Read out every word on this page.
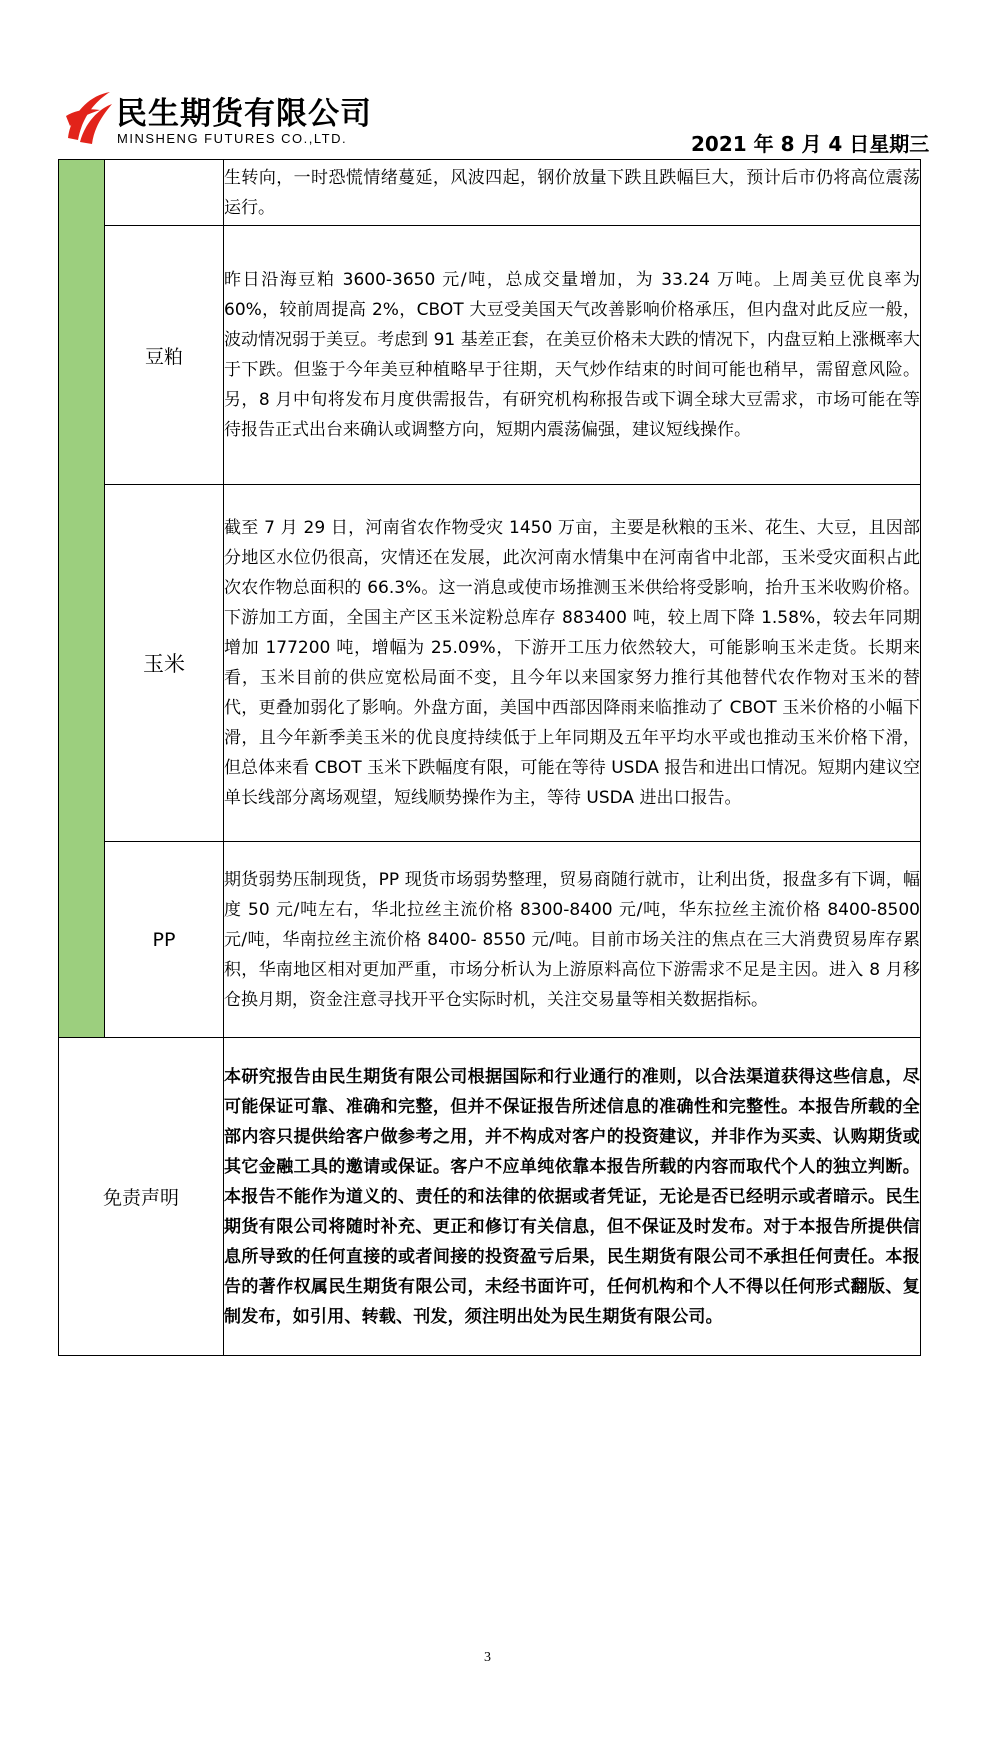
民生期货有限公司
MINSHENG FUTURES CO.,LTD.	2021 年 8 月 4 日星期三
		生转向，一时恐慌情绪蔓延，风波四起，钢价放量下跌且跌幅巨大，预计后市仍将高位震荡运行。
	豆粕	昨日沿海豆粕 3600-3650 元/吨，总成交量增加，为 33.24 万吨。上周美豆优良率为 60%，较前周提高 2%，CBOT 大豆受美国天气改善影响价格承压，但内盘对此反应一般，波动情况弱于美豆。考虑到 91 基差正套，在美豆价格未大跌的情况下，内盘豆粕上涨概率大于下跌。但鉴于今年美豆种植略早于往期，天气炒作结束的时间可能也稍早，需留意风险。另，8 月中旬将发布月度供需报告，有研究机构称报告或下调全球大豆需求，市场可能在等待报告正式出台来确认或调整方向，短期内震荡偏强，建议短线操作。
	玉米	截至 7 月 29 日，河南省农作物受灾 1450 万亩，主要是秋粮的玉米、花生、大豆，且因部分地区水位仍很高，灾情还在发展，此次河南水情集中在河南省中北部，玉米受灾面积占此次农作物总面积的 66.3%。这一消息或使市场推测玉米供给将受影响，抬升玉米收购价格。下游加工方面，全国主产区玉米淀粉总库存 883400 吨，较上周下降 1.58%，较去年同期增加 177200 吨，增幅为 25.09%，下游开工压力依然较大，可能影响玉米走货。长期来看，玉米目前的供应宽松局面不变，且今年以来国家努力推行其他替代农作物对玉米的替代，更叠加弱化了影响。外盘方面，美国中西部因降雨来临推动了 CBOT 玉米价格的小幅下滑，且今年新季美玉米的优良度持续低于上年同期及五年平均水平或也推动玉米价格下滑，但总体来看 CBOT 玉米下跌幅度有限，可能在等待 USDA 报告和进出口情况。短期内建议空单长线部分离场观望，短线顺势操作为主，等待 USDA 进出口报告。
	PP	期货弱势压制现货，PP 现货市场弱势整理，贸易商随行就市，让利出货，报盘多有下调，幅度 50 元/吨左右，华北拉丝主流价格 8300-8400 元/吨，华东拉丝主流价格 8400-8500 元/吨，华南拉丝主流价格 8400- 8550 元/吨。目前市场关注的焦点在三大消费贸易库存累积，华南地区相对更加严重，市场分析认为上游原料高位下游需求不足是主因。进入 8 月移仓换月期，资金注意寻找开平仓实际时机，关注交易量等相关数据指标。
免责声明		本研究报告由民生期货有限公司根据国际和行业通行的准则，以合法渠道获得这些信息，尽可能保证可靠、准确和完整，但并不保证报告所述信息的准确性和完整性。本报告所载的全部内容只提供给客户做参考之用，并不构成对客户的投资建议，并非作为买卖、认购期货或其它金融工具的邀请或保证。客户不应单纯依靠本报告所载的内容而取代个人的独立判断。本报告不能作为道义的、责任的和法律的依据或者凭证，无论是否已经明示或者暗示。民生期货有限公司将随时补充、更正和修订有关信息，但不保证及时发布。对于本报告所提供信息所导致的任何直接的或者间接的投资盈亏后果，民生期货有限公司不承担任何责任。本报告的著作权属民生期货有限公司，未经书面许可，任何机构和个人不得以任何形式翻版、复制发布，如引用、转载、刊发，须注明出处为民生期货有限公司。
3
